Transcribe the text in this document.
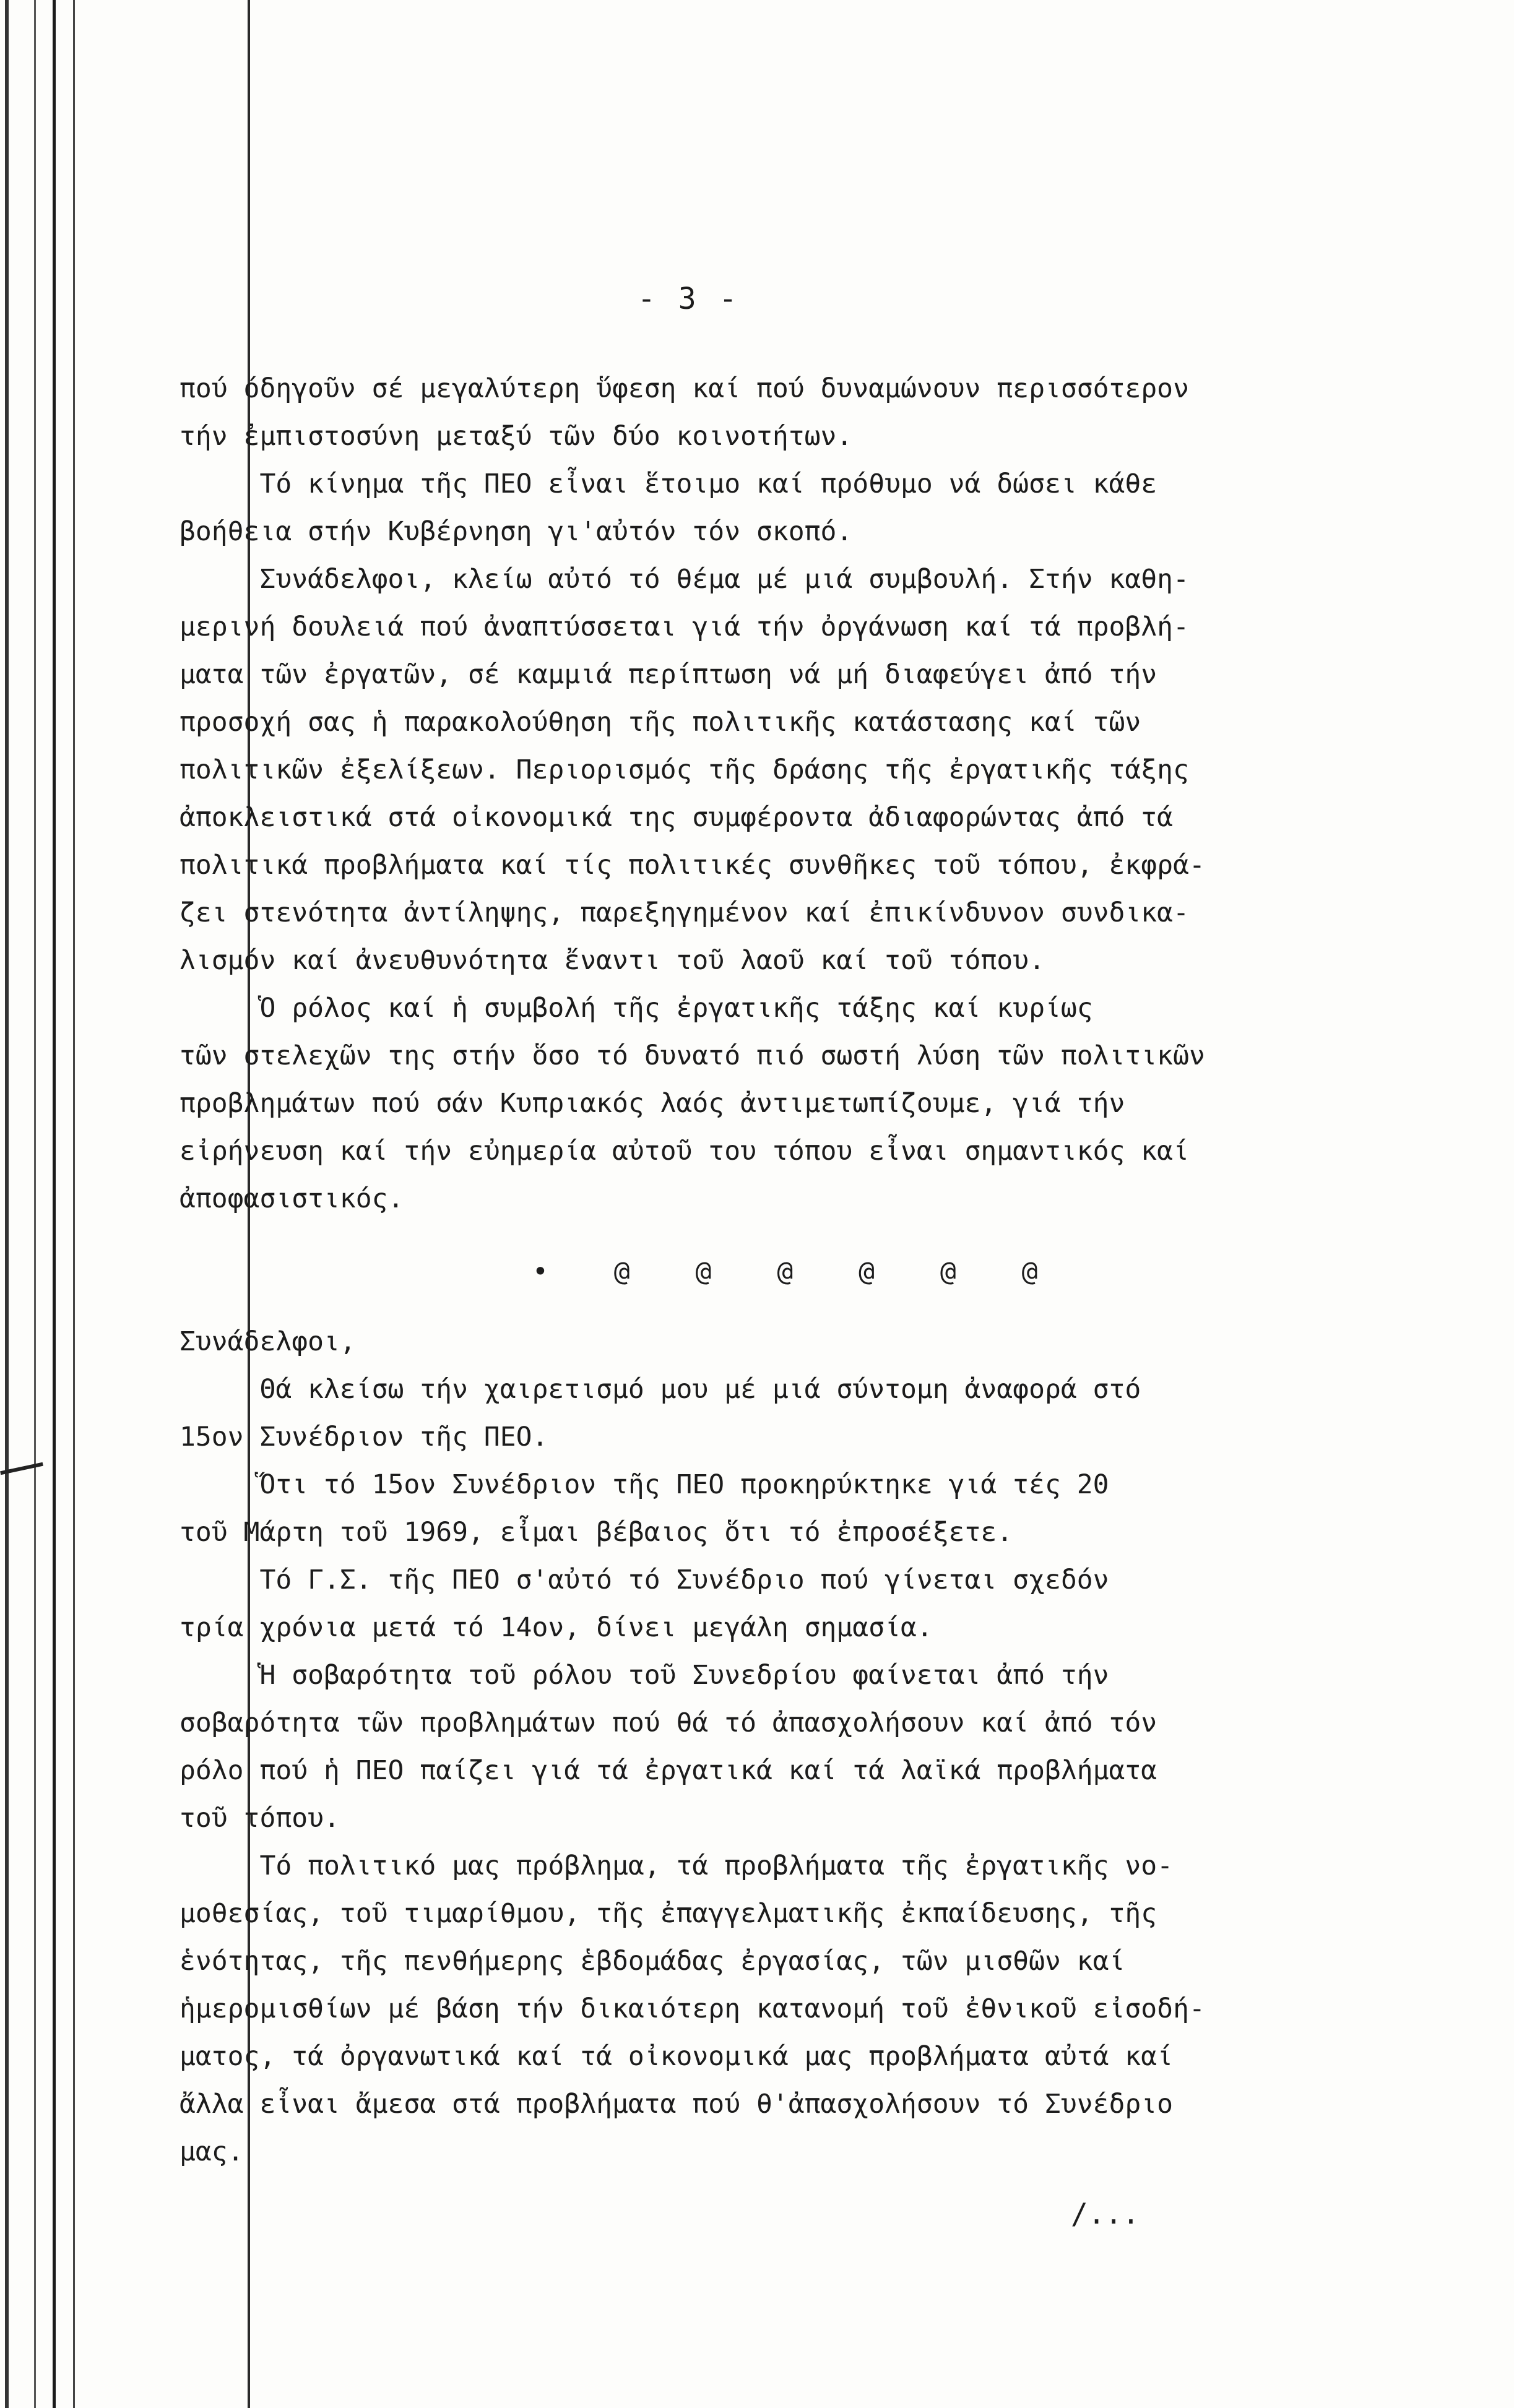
- 3 -
πού όδηγοῦν σέ μεγαλύτερη ὕφεση καί πού δυναμώνουν περισσότερον
τήν ἐμπιστοσύνη μεταξύ τῶν δύο κοινοτήτων.
Τό κίνημα τῆς ΠΕΟ εἶναι ἕτοιμο καί πρόθυμο νά δώσει κάθε
βοήθεια στήν Κυβέρνηση γι'αὐτόν τόν σκοπό.
Συνάδελφοι, κλείω αὐτό τό θέμα μέ μιά συμβουλή. Στήν καθη-
μερινή δουλειά πού ἀναπτύσσεται γιά τήν ὀργάνωση καί τά προβλή-
ματα τῶν ἐργατῶν, σέ καμμιά περίπτωση νά μή διαφεύγει ἀπό τήν
προσοχή σας ἡ παρακολούθηση τῆς πολιτικῆς κατάστασης καί τῶν
πολιτικῶν ἐξελίξεων. Περιορισμός τῆς δράσης τῆς ἐργατικῆς τάξης
ἀποκλειστικά στά οἰκονομικά της συμφέροντα ἀδιαφορώντας ἀπό τά
πολιτικά προβλήματα καί τίς πολιτικές συνθῆκες τοῦ τόπου, ἐκφρά-
ζει στενότητα ἀντίληψης, παρεξηγημένον καί ἐπικίνδυνον συνδικα-
λισμόν καί ἀνευθυνότητα ἔναντι τοῦ λαοῦ καί τοῦ τόπου.
Ὁ ρόλος καί ἡ συμβολή τῆς ἐργατικῆς τάξης καί κυρίως
τῶν στελεχῶν της στήν ὅσο τό δυνατό πιό σωστή λύση τῶν πολιτικῶν
προβλημάτων πού σάν Κυπριακός λαός ἀντιμετωπίζουμε, γιά τήν
εἰρήνευση καί τήν εὐημερία αὐτοῦ του τόπου εἶναι σημαντικός καί
ἀποφασιστικός.
• @ @ @ @ @ @
Συνάδελφοι,
Θά κλείσω τήν χαιρετισμό μου μέ μιά σύντομη ἀναφορά στό
15ον Συνέδριον τῆς ΠΕΟ.
Ὅτι τό 15ον Συνέδριον τῆς ΠΕΟ προκηρύκτηκε γιά τές 20
τοῦ Μάρτη τοῦ 1969, εἶμαι βέβαιος ὅτι τό ἐπροσέξετε.
Τό Γ.Σ. τῆς ΠΕΟ σ'αὐτό τό Συνέδριο πού γίνεται σχεδόν
τρία χρόνια μετά τό 14ον, δίνει μεγάλη σημασία.
Ἡ σοβαρότητα τοῦ ρόλου τοῦ Συνεδρίου φαίνεται ἀπό τήν
σοβαρότητα τῶν προβλημάτων πού θά τό ἀπασχολήσουν καί ἀπό τόν
ρόλο πού ἡ ΠΕΟ παίζει γιά τά ἐργατικά καί τά λαϊκά προβλήματα
τοῦ τόπου.
Τό πολιτικό μας πρόβλημα, τά προβλήματα τῆς ἐργατικῆς νο-
μοθεσίας, τοῦ τιμαρίθμου, τῆς ἐπαγγελματικῆς ἐκπαίδευσης, τῆς
ἑνότητας, τῆς πενθήμερης ἑβδομάδας ἐργασίας, τῶν μισθῶν καί
ἡμερομισθίων μέ βάση τήν δικαιότερη κατανομή τοῦ ἐθνικοῦ εἰσοδή-
ματος, τά ὀργανωτικά καί τά οἰκονομικά μας προβλήματα αὐτά καί
ἄλλα εἶναι ἄμεσα στά προβλήματα πού θ'ἀπασχολήσουν τό Συνέδριο
μας.
/...
